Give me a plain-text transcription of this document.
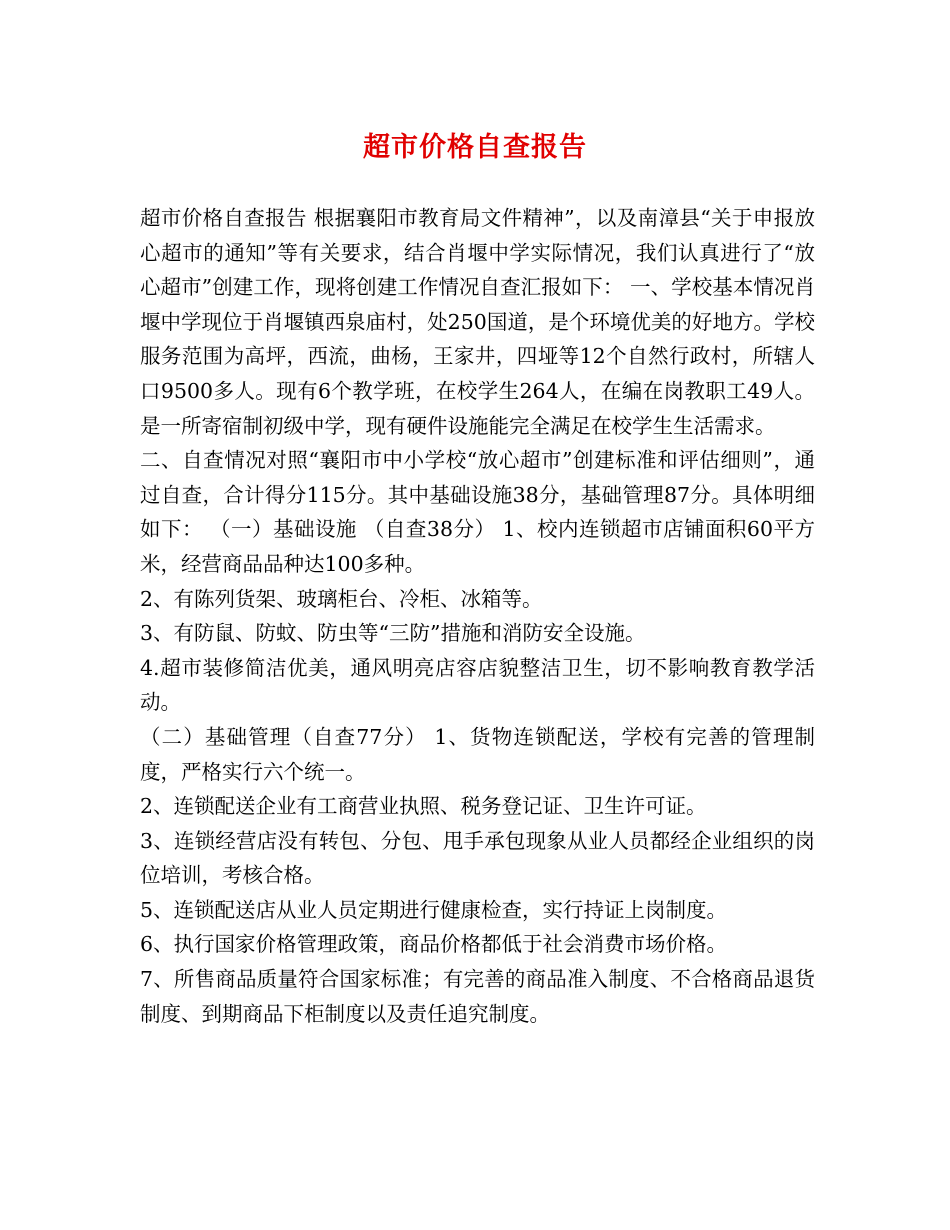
超市价格自查报告

超市价格自查报告 根据襄阳市教育局文件精神”，以及南漳县“关于申报放心超市的通知”等有关要求，结合肖堰中学实际情况，我们认真进行了“放心超市”创建工作，现将创建工作情况自查汇报如下： 一、学校基本情况肖堰中学现位于肖堰镇西泉庙村，处250国道，是个环境优美的好地方。学校服务范围为高坪，西流，曲杨，王家井，四垭等12个自然行政村，所辖人口9500多人。现有6个教学班，在校学生264人，在编在岗教职工49人。是一所寄宿制初级中学，现有硬件设施能完全满足在校学生生活需求。

二、自查情况对照“襄阳市中小学校“放心超市”创建标准和评估细则”，通过自查，合计得分115分。其中基础设施38分，基础管理87分。具体明细如下： （一）基础设施 （自查38分） 1、校内连锁超市店铺面积60平方米，经营商品品种达100多种。

2、有陈列货架、玻璃柜台、冷柜、冰箱等。

3、有防鼠、防蚊、防虫等“三防”措施和消防安全设施。

4.超市装修简洁优美，通风明亮店容店貌整洁卫生，切不影响教育教学活动。

（二）基础管理（自查77分） 1、货物连锁配送，学校有完善的管理制度，严格实行六个统一。

2、连锁配送企业有工商营业执照、税务登记证、卫生许可证。

3、连锁经营店没有转包、分包、甩手承包现象从业人员都经企业组织的岗位培训，考核合格。

5、连锁配送店从业人员定期进行健康检查，实行持证上岗制度。

6、执行国家价格管理政策，商品价格都低于社会消费市场价格。

7、所售商品质量符合国家标准；有完善的商品准入制度、不合格商品退货制度、到期商品下柜制度以及责任追究制度。
